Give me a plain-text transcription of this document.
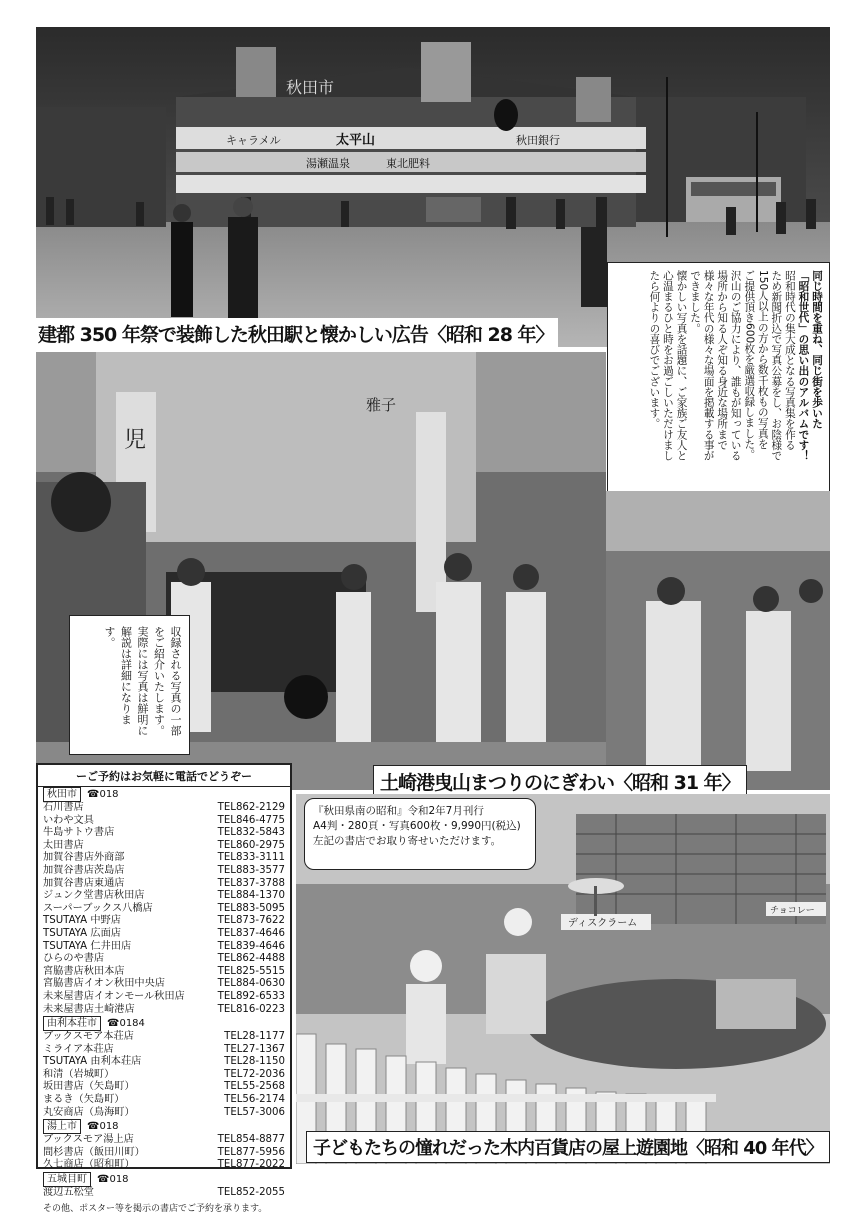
秋田市
キャラメル	太平山	秋田銀行
湯瀬温泉	東北肥料
建都 350 年祭で装飾した秋田駅と懐かしい広告〈昭和 28 年〉	同じ時間を重ね、同じ街を歩いた
「昭和世代」の思い出のアルバムです！
昭和時代の集大成となる写真集を作る
ため新聞折込で写真公募をし、お陰様で
150人以上の方から数千枚もの写真を
ご提供頂き600枚を厳選収録しました。
沢山のご協力により、誰もが知っている
場所から知る人ぞ知る身近な場所まで
様々な年代の様々な場面を掲載する事が
できました。
懐かしい写真を話題に、ご家族ご友人と
心温まるひと時をお過ごしいただけまし
たら何よりの喜びでございます。
児
雅子
土崎港曳山まつりのにぎわい〈昭和 31 年〉
収録される写真の一部
をご紹介いたします。
実際には写真は鮮明に
解説は詳細になります。
ディスクラーム
チョコレー
子どもたちの憧れだった木内百貨店の屋上遊園地〈昭和 40 年代〉
『秋田県南の昭和』令和2年7月刊行
A4判・280頁・写真600枚・9,990円(税込)
左記の書店でお取り寄せいただけます。
ーご予約はお気軽に電話でどうぞー
秋田市	☎018
石川書店	TEL862-2129
いわや文具	TEL846-4775
牛島サトウ書店	TEL832-5843
太田書店	TEL860-2975
加賀谷書店外商部	TEL833-3111
加賀谷書店茨島店	TEL883-3577
加賀谷書店東通店	TEL837-3788
ジュンク堂書店秋田店	TEL884-1370
スーパーブックス八橋店	TEL883-5095
TSUTAYA 中野店	TEL873-7622
TSUTAYA 広面店	TEL837-4646
TSUTAYA 仁井田店	TEL839-4646
ひらのや書店	TEL862-4488
宮脇書店秋田本店	TEL825-5515
宮脇書店イオン秋田中央店	TEL884-0630
未来屋書店イオンモール秋田店	TEL892-6533
未来屋書店土崎港店	TEL816-0223
由利本荘市	☎0184
ブックスモア本荘店	TEL28-1177
ミライア本荘店	TEL27-1367
TSUTAYA 由利本荘店	TEL28-1150
和清（岩城町）	TEL72-2036
坂田書店（矢島町）	TEL55-2568
まるき（矢島町）	TEL56-2174
丸安商店（鳥海町）	TEL57-3006
湯上市	☎018
ブックスモア湯上店	TEL854-8877
間杉書店（飯田川町）	TEL877-5956
久七商店（昭和町）	TEL877-2022
五城目町	☎018
渡辺五松堂	TEL852-2055
その他、ポスター等を掲示の書店でご予約を承ります。
